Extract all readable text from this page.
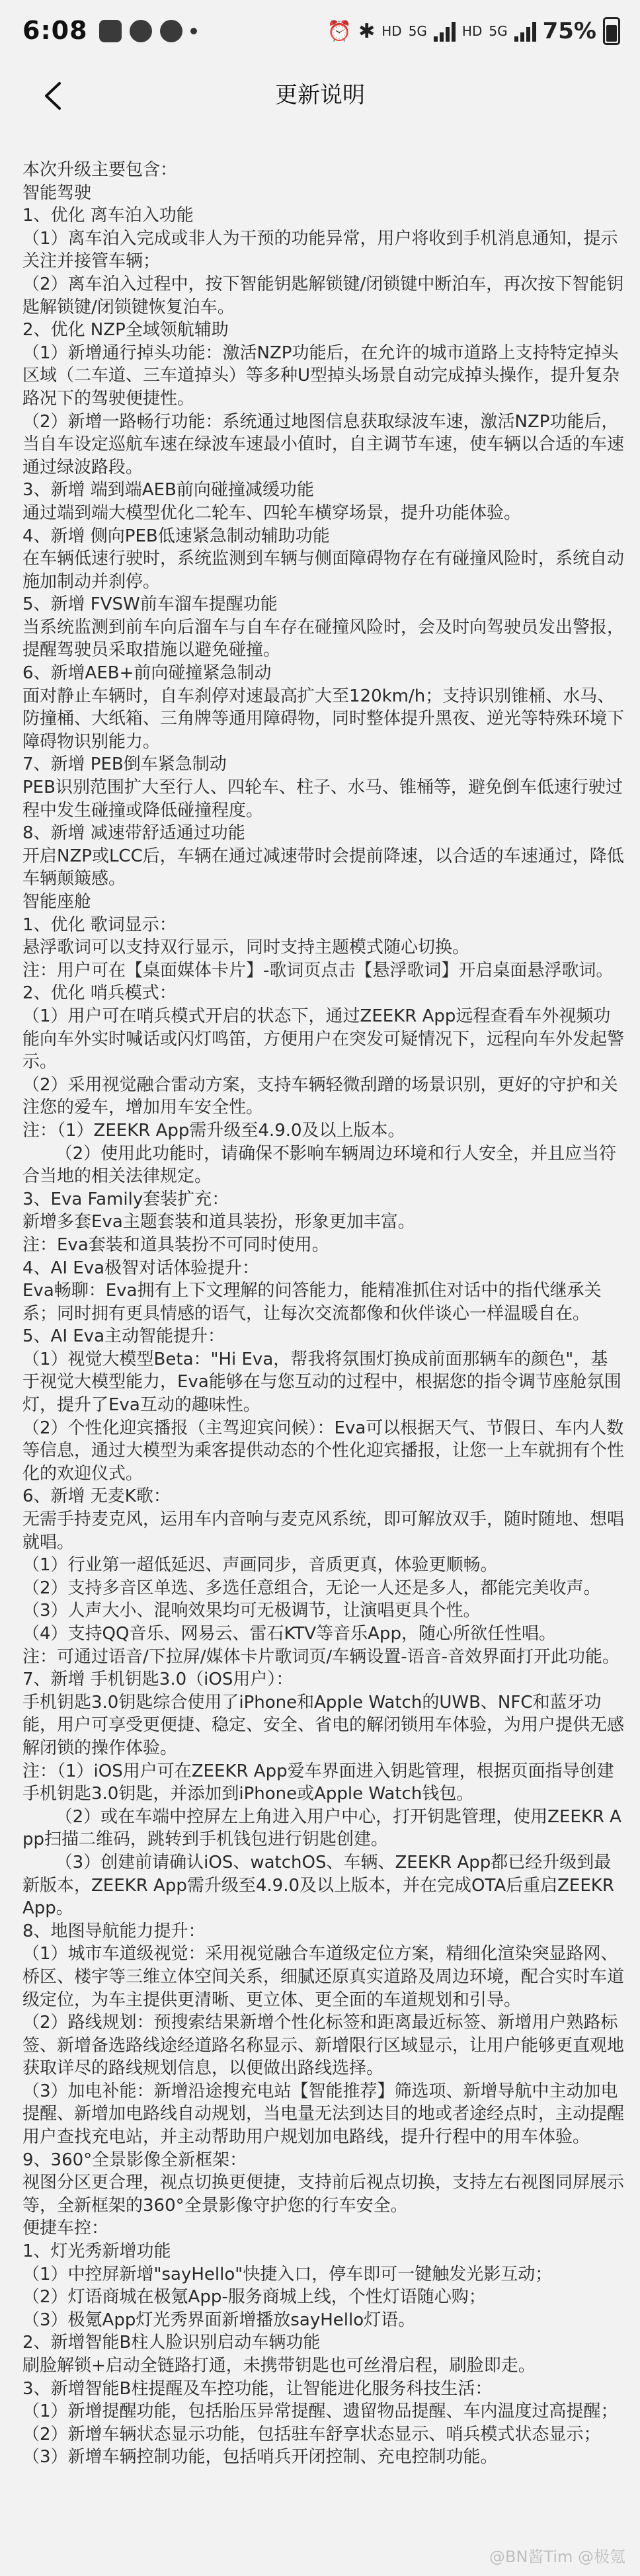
6:08	⏰ ✱ HD 5G	HD 5G 75%
更新说明

本次升级主要包含：

智能驾驶

1、优化 离车泊入功能

（1）离车泊入完成或非人为干预的功能异常，用户将收到手机消息通知，提示关注并接管车辆；

（2）离车泊入过程中，按下智能钥匙解锁键/闭锁键中断泊车，再次按下智能钥匙解锁键/闭锁键恢复泊车。

2、优化 NZP全域领航辅助

（1）新增通行掉头功能：激活NZP功能后，在允许的城市道路上支持特定掉头区域（二车道、三车道掉头）等多种U型掉头场景自动完成掉头操作，提升复杂路况下的驾驶便捷性。

（2）新增一路畅行功能：系统通过地图信息获取绿波车速，激活NZP功能后，当自车设定巡航车速在绿波车速最小值时，自主调节车速，使车辆以合适的车速通过绿波路段。

3、新增 端到端AEB前向碰撞减缓功能

通过端到端大模型优化二轮车、四轮车横穿场景，提升功能体验。

4、新增 侧向PEB低速紧急制动辅助功能

在车辆低速行驶时，系统监测到车辆与侧面障碍物存在有碰撞风险时，系统自动施加制动并刹停。

5、新增 FVSW前车溜车提醒功能

当系统监测到前车向后溜车与自车存在碰撞风险时，会及时向驾驶员发出警报，提醒驾驶员采取措施以避免碰撞。

6、新增AEB+前向碰撞紧急制动

面对静止车辆时，自车刹停对速最高扩大至120km/h；支持识别锥桶、水马、防撞桶、大纸箱、三角牌等通用障碍物，同时整体提升黑夜、逆光等特殊环境下障碍物识别能力。

7、新增 PEB倒车紧急制动

PEB识别范围扩大至行人、四轮车、柱子、水马、锥桶等，避免倒车低速行驶过程中发生碰撞或降低碰撞程度。

8、新增 减速带舒适通过功能

开启NZP或LCC后，车辆在通过减速带时会提前降速，以合适的车速通过，降低车辆颠簸感。

智能座舱

1、优化 歌词显示：

悬浮歌词可以支持双行显示，同时支持主题模式随心切换。

注：用户可在【桌面媒体卡片】-歌词页点击【悬浮歌词】开启桌面悬浮歌词。

2、优化 哨兵模式：

（1）用户可在哨兵模式开启的状态下，通过ZEEKR App远程查看车外视频功能向车外实时喊话或闪灯鸣笛，方便用户在突发可疑情况下，远程向车外发起警示。

（2）采用视觉融合雷动方案，支持车辆轻微刮蹭的场景识别，更好的守护和关注您的爱车，增加用车安全性。

注：（1）ZEEKR App需升级至4.9.0及以上版本。

（2）使用此功能时，请确保不影响车辆周边环境和行人安全，并且应当符合当地的相关法律规定。

3、Eva Family套装扩充：

新增多套Eva主题套装和道具装扮，形象更加丰富。

注：Eva套装和道具装扮不可同时使用。

4、AI Eva极智对话体验提升：

Eva畅聊：Eva拥有上下文理解的问答能力，能精准抓住对话中的指代继承关系；同时拥有更具情感的语气，让每次交流都像和伙伴谈心一样温暖自在。

5、AI Eva主动智能提升：

（1）视觉大模型Beta："Hi Eva，帮我将氛围灯换成前面那辆车的颜色"，基于视觉大模型能力，Eva能够在与您互动的过程中，根据您的指令调节座舱氛围灯，提升了Eva互动的趣味性。

（2）个性化迎宾播报（主驾迎宾问候）：Eva可以根据天气、节假日、车内人数等信息，通过大模型为乘客提供动态的个性化迎宾播报，让您一上车就拥有个性化的欢迎仪式。

6、新增 无麦K歌：

无需手持麦克风，运用车内音响与麦克风系统，即可解放双手，随时随地、想唱就唱。

（1）行业第一超低延迟、声画同步，音质更真，体验更顺畅。

（2）支持多音区单选、多选任意组合，无论一人还是多人，都能完美收声。

（3）人声大小、混响效果均可无极调节，让演唱更具个性。

（4）支持QQ音乐、网易云、雷石KTV等音乐App，随心所欲任性唱。

注：可通过语音/下拉屏/媒体卡片歌词页/车辆设置-语音-音效界面打开此功能。

7、新增 手机钥匙3.0（iOS用户）：

手机钥匙3.0钥匙综合使用了iPhone和Apple Watch的UWB、NFC和蓝牙功能，用户可享受更便捷、稳定、安全、省电的解闭锁用车体验，为用户提供无感解闭锁的操作体验。

注：（1）iOS用户可在ZEEKR App爱车界面进入钥匙管理，根据页面指导创建手机钥匙3.0钥匙，并添加到iPhone或Apple Watch钱包。

（2）或在车端中控屏左上角进入用户中心，打开钥匙管理，使用ZEEKR App扫描二维码，跳转到手机钱包进行钥匙创建。

（3）创建前请确认iOS、watchOS、车辆、ZEEKR App都已经升级到最新版本，ZEEKR App需升级至4.9.0及以上版本，并在完成OTA后重启ZEEKR App。

8、地图导航能力提升：

（1）城市车道级视觉：采用视觉融合车道级定位方案，精细化渲染突显路网、桥区、楼宇等三维立体空间关系，细腻还原真实道路及周边环境，配合实时车道级定位，为车主提供更清晰、更立体、更全面的车道规划和引导。

（2）路线规划：预搜索结果新增个性化标签和距离最近标签、新增用户熟路标签、新增备选路线途经道路名称显示、新增限行区域显示，让用户能够更直观地获取详尽的路线规划信息，以便做出路线选择。

（3）加电补能：新增沿途搜充电站【智能推荐】筛选项、新增导航中主动加电提醒、新增加电路线自动规划，当电量无法到达目的地或者途经点时，主动提醒用户查找充电站，并主动帮助用户规划加电路线，提升行程中的用车体验。

9、360°全景影像全新框架：

视图分区更合理，视点切换更便捷，支持前后视点切换，支持左右视图同屏展示等，全新框架的360°全景影像守护您的行车安全。

便捷车控：

1、灯光秀新增功能

（1）中控屏新增"sayHello"快捷入口，停车即可一键触发光影互动；

（2）灯语商城在极氪App-服务商城上线，个性灯语随心购；

（3）极氪App灯光秀界面新增播放sayHello灯语。

2、新增智能B柱人脸识别启动车辆功能

刷脸解锁+启动全链路打通，未携带钥匙也可丝滑启程，刷脸即走。

3、新增智能B柱提醒及车控功能，让智能进化服务科技生活：

（1）新增提醒功能，包括胎压异常提醒、遗留物品提醒、车内温度过高提醒；

（2）新增车辆状态显示功能，包括驻车舒享状态显示、哨兵模式状态显示；

（3）新增车辆控制功能，包括哨兵开闭控制、充电控制功能。

@BN酱Tim @极氪
